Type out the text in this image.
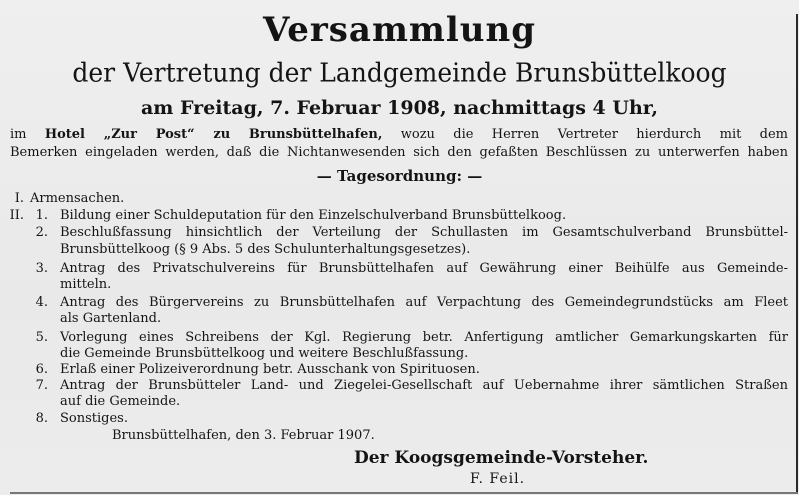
Versammlung
der Vertretung der Landgemeinde Brunsbüttelkoog
am Freitag, 7. Februar 1908, nachmittags 4 Uhr,
im Hotel „Zur Post“ zu Brunsbüttelhafen, wozu die Herren Vertreter hierdurch mit dem
Bemerken eingeladen werden, daß die Nichtanwesenden sich den gefaßten Beschlüssen zu unterwerfen haben
— Tagesordnung: —
I. Armensachen.
II. 1. Bildung einer Schuldeputation für den Einzelschulverband Brunsbüttelkoog.
2. Beschlußfassung hinsichtlich der Verteilung der Schullasten im Gesamtschulverband Brunsbüttel-
Brunsbüttelkoog (§ 9 Abs. 5 des Schulunterhaltungsgesetzes).
3. Antrag des Privatschulvereins für Brunsbüttelhafen auf Gewährung einer Beihülfe aus Gemeinde-
mitteln.
4. Antrag des Bürgervereins zu Brunsbüttelhafen auf Verpachtung des Gemeindegrundstücks am Fleet
als Gartenland.
5. Vorlegung eines Schreibens der Kgl. Regierung betr. Anfertigung amtlicher Gemarkungskarten für
die Gemeinde Brunsbüttelkoog und weitere Beschlußfassung.
6. Erlaß einer Polizeiverordnung betr. Ausschank von Spirituosen.
7. Antrag der Brunsbütteler Land- und Ziegelei-Gesellschaft auf Uebernahme ihrer sämtlichen Straßen
auf die Gemeinde.
8. Sonstiges.
Brunsbüttelhafen, den 3. Februar 1907.
Der Koogsgemeinde-Vorsteher.
F. Feil.
